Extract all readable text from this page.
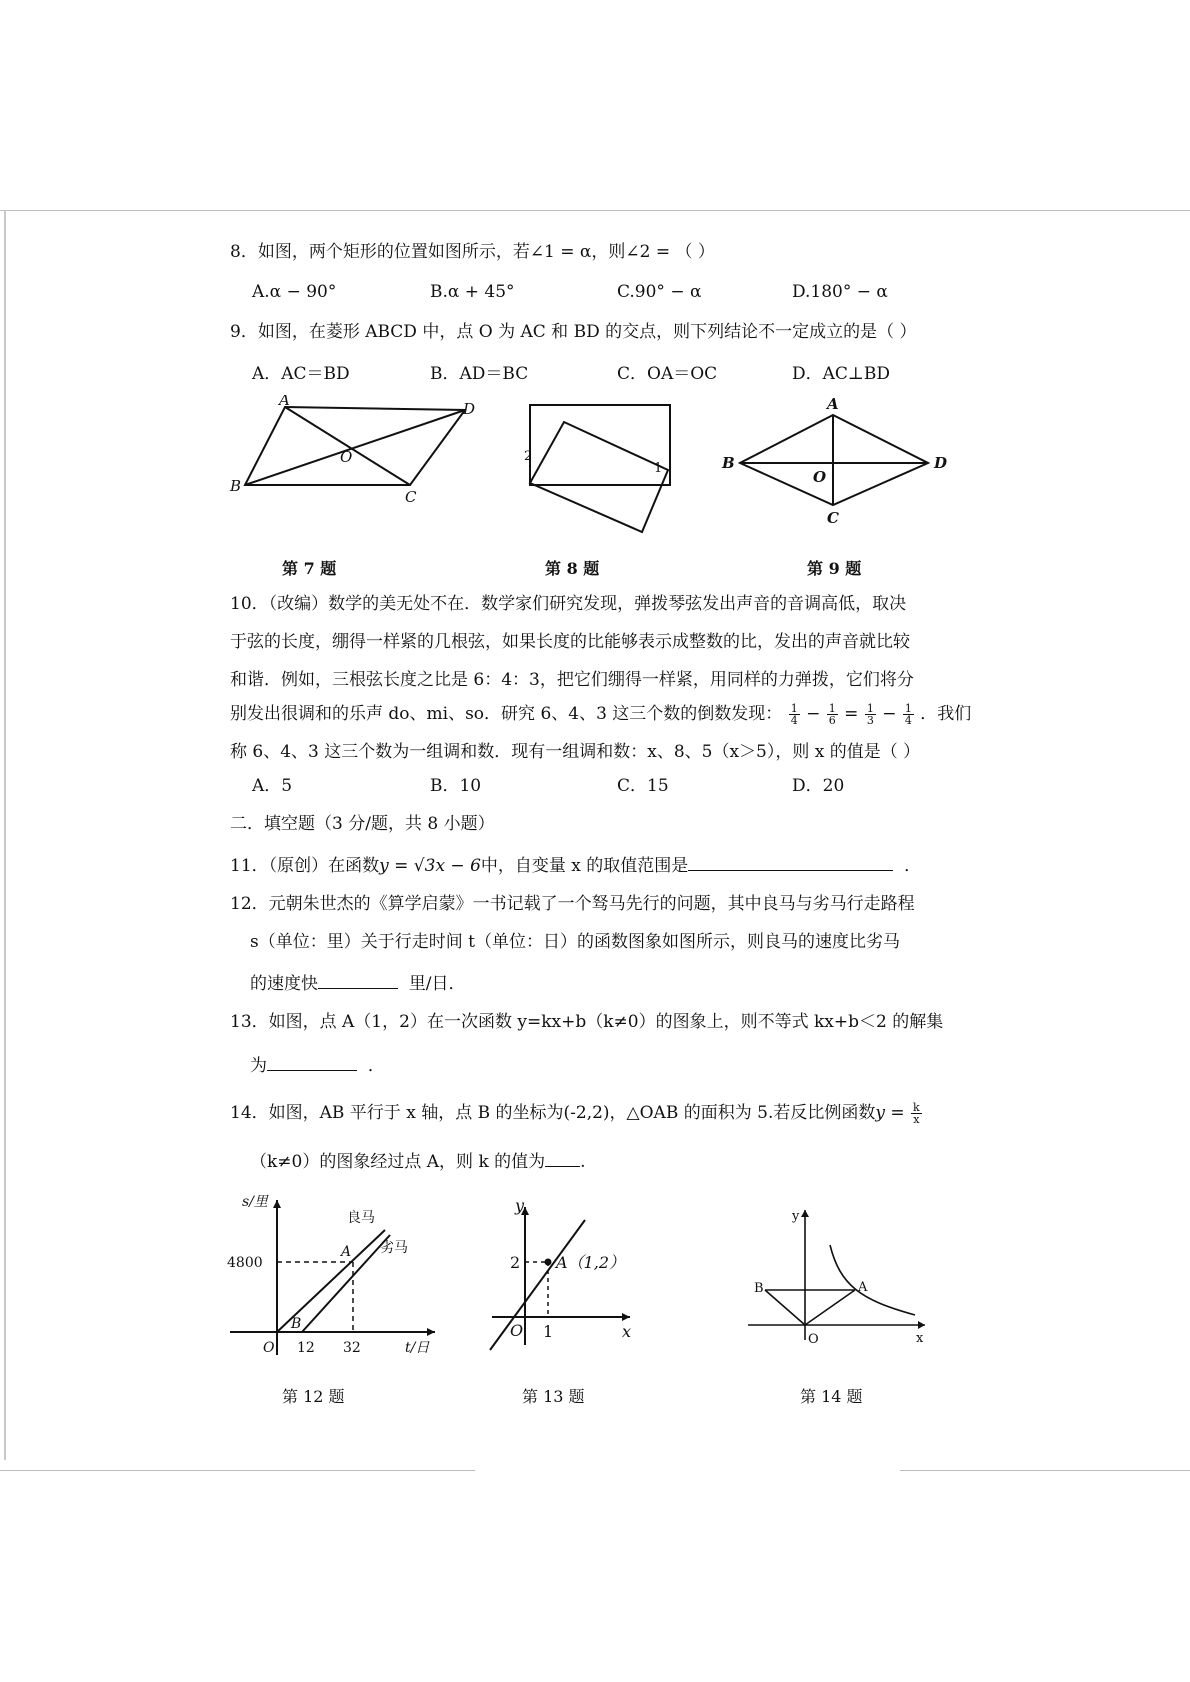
8．如图，两个矩形的位置如图所示，若∠1 = α，则∠2 = （ ）
A.α − 90°	B.α + 45°	C.90° − α	D.180° − α
9．如图，在菱形 ABCD 中，点 O 为 AC 和 BD 的交点，则下列结论不一定成立的是（ ）
A．AC＝BD	B．AD＝BC	C．OA＝OC	D．AC⊥BD
A	D
B
C
O	2
1
A
B	D
C
O
第 7 题	第 8 题	第 9 题
10．（改编）数学的美无处不在．数学家们研究发现，弹拨琴弦发出声音的音调高低，取决
于弦的长度，绷得一样紧的几根弦，如果长度的比能够表示成整数的比，发出的声音就比较
和谐．例如，三根弦长度之比是 6：4：3，把它们绷得一样紧，用同样的力弹拨，它们将分
别发出很调和的乐声 do、mi、so．研究 6、4、3 这三个数的倒数发现： $\frac{1}{4} - \frac{1}{6} = \frac{1}{3} - \frac{1}{4}$ ．我们
称 6、4、3 这三个数为一组调和数．现有一组调和数：x、8、5（x＞5），则 x 的值是（ ）
A．5	B．10	C．15	D．20
二．填空题（3 分/题，共 8 小题）
11．（原创）在函数y = √3x − 6中，自变量 x 的取值范围是	．
12．元朝朱世杰的《算学启蒙》一书记载了一个驽马先行的问题，其中良马与劣马行走路程
s（单位：里）关于行走时间 t（单位：日）的函数图象如图所示，则良马的速度比劣马
的速度快	里/日．
13．如图，点 A（1，2）在一次函数 y=kx+b（k≠0）的图象上，则不等式 kx+b＜2 的解集
为	．
14．如图，AB 平行于 x 轴，点 B 的坐标为(-2,2)，△OAB 的面积为 5.若反比例函数$y = \frac{k}{x}$
（k≠0）的图象经过点 A，则 k 的值为 .
s/里
t/日
4800
12 32
O
A
B
良马
劣马
y
x
O 1
2 A（1,2）
y
x
O
B	A
第 12 题	第 13 题	第 14 题
